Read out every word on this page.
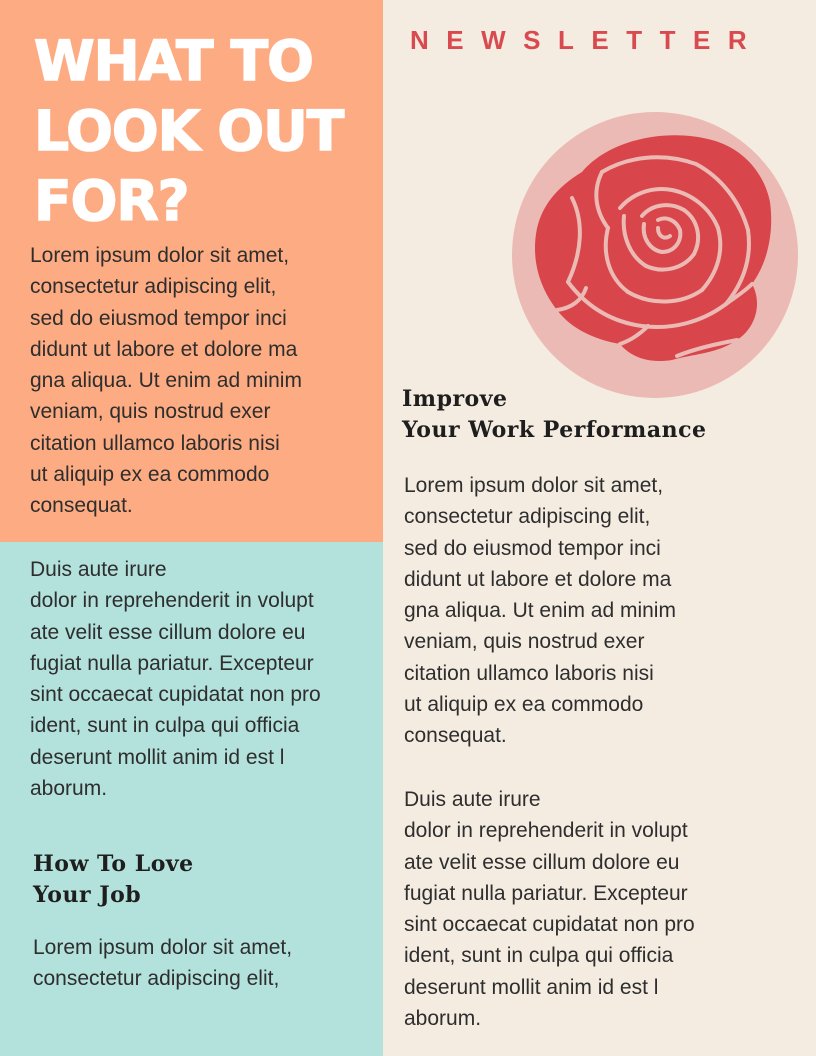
WHAT TO
LOOK OUT
FOR?
Lorem ipsum dolor sit amet,
consectetur adipiscing elit,
sed do eiusmod tempor inci
didunt ut labore et dolore ma
gna aliqua. Ut enim ad minim
veniam, quis nostrud exer
citation ullamco laboris nisi
ut aliquip ex ea commodo
consequat.
Duis aute irure
dolor in reprehenderit in volupt
ate velit esse cillum dolore eu
fugiat nulla pariatur. Excepteur
sint occaecat cupidatat non pro
ident, sunt in culpa qui officia
deserunt mollit anim id est l
aborum.
How To Love
Your Job
Lorem ipsum dolor sit amet,
consectetur adipiscing elit,
NEWSLETTER
Improve
Your Work Performance
Lorem ipsum dolor sit amet,
consectetur adipiscing elit,
sed do eiusmod tempor inci
didunt ut labore et dolore ma
gna aliqua. Ut enim ad minim
veniam, quis nostrud exer
citation ullamco laboris nisi
ut aliquip ex ea commodo
consequat.
Duis aute irure
dolor in reprehenderit in volupt
ate velit esse cillum dolore eu
fugiat nulla pariatur. Excepteur
sint occaecat cupidatat non pro
ident, sunt in culpa qui officia
deserunt mollit anim id est l
aborum.
